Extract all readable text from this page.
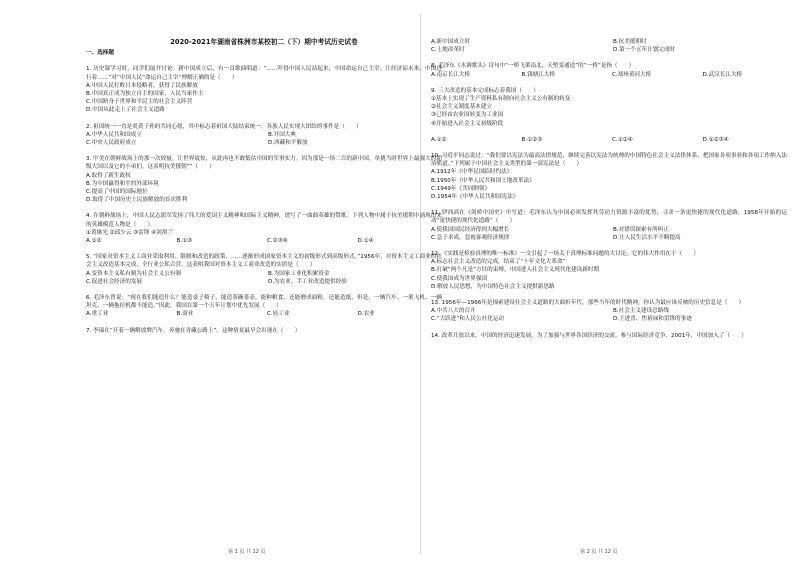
2020-2021年湖南省株洲市某校初二（下）期中考试历史试卷
一、选择题
1. 历史课学习时，同学们展开讨论。新中国成立后，有一首歌曲唱道：“……吓得中国人民站起来，中国命运自己主宰；让经济谅未来。中国进行着……”对“中国人民”命运自己主宰“理解正确的是（　　）
A.中国人民打败日本侵略者，获得了民族解放
B.中国真正成为独立自主的国家，人民当家作主
C.中国跻身于世界和平民主的社会主义阵营
D.中国从此走上了社会主义道路
2. 祖国统一一直是炎黄子孙的共同心愿，其中标志着祖国大陆结束统一，各族人民实现大团结的事件是（　　）
A.中华人民共和国成立	B.开国大典
C.中央人民政府成立	D.西藏和平解放
3. 中美在朝鲜战场上的那一次较量，让世界震惊，从此再也不敢低估中国的军事实力。因为那是一场二百的新中国，单挑当时世界上最强大的超级大国以及它的小弟们。这表明抗美援朝“”（　　）
A.取得了新生政权
B.为中国赢得和平的外部环境
C.提高了中国的国际地位
D.取得了中国历史上民族解放的首次胜利
4. 在朝鲜战场上，中国人民志愿军发扬了伟大的爱国主义精神和国际主义精神，谱写了一曲曲英雄的赞歌。下列人物中属于抗美援朝中涌现出来的英雄模范人物是（　　）
①黄继光 ②邱少云 ③雷锋 ④刘胡兰
A.①②	B.①③	C.②③④	D.①④
5. “国家对资本主义工商业采取利用、限制和改造的政策，……逐渐形成国家资本主义的初级形式到高级形式。”1956年，对资本主义工商业的社会主义改造基本完成，全行业公私合营，这表明我国对资本主义工商业改造的实质是（　　）
A.变资本主义私有制为社会主义公有制	B.为国家工业化积累资金
C.促进社会经济的发展	D.为农业、手工业改造提供经验
6. 毛泽东曾说：“现在我们能造什么？能造桌子椅子，能造茶碗茶壶，能种粮食，还能磨成面粉，还能造纸，但是，一辆汽车、一架飞机、一辆坦克、一辆拖拉机都不能造。”因此，我国在第一个五年计划中优先发展（　　）
A.重工业	B.商业	C.轻工业	D.农业
7. 李瑞在“开着一辆解放牌汽车，奔驰在青藏公路上”。这种情景最早会出现在（　　）
A.新中国成立时	B.抗美援朝时
C.土地改革时	D.第一个五年计划完成时
8. 毛泽东《水调歌头》诗句中“一桥飞架南北，天堑变通途”的“一桥”是指（　　）
A.南京长江大桥	B.钱塘江大桥	C.郑州黄河大桥	D.武汉长江大桥
9. 三大改造的基本完成标志着我国（　　）
①基本上实现了生产资料私有制向社会主义公有制的转变
②社会主义制度基本建立
③已经由农业国转变为工业国
④开始进入社会主义初级阶段
A.①②	B.①②③	C.①②④	D.①②③④
10. 习近平同志说过：“我们要以宪法为最高法律规范，继续完善以宪法为统帅的中国特色社会主义法律体系，把国家各项事业和各项工作纳入法治轨道。”下列属于中国社会主义类型的第一部宪法是（　　）
A.1912年《中华民国临时约法》
B.1950年《中华人民共和国土地改革法》
C.1949年《共同纲领》
D.1954年《中华人民共和国宪法》
11. 伊西高在《剑桥中国史》中写道：毛泽东认为中国必须发挥其劳动力资源丰富的优势，寻求一条更快捷的现代化道路，1958年开始的运动“更快捷的现代化道路”（　　）
A.使我国国民经济得到大幅增长	B.对错误探索有所纠正
C.急于求成，忽视客观经济规律	D.让人民生活水平不断提高
12. 《实践是检验真理的唯一标准》一文引起了一场关于真理标准问题的大讨论，它的伟大作用在于（　　）
A.标志社会主义改造的完成，结束了“十年文化大革命”
B.打破“两个凡是”方针的束缚，中国进入社会主义现代化建设新时期
C.使我国成为世界强国
D.解放人民思想，为中国特色社会主义提供新思路
13. 1956年—1966年是探索建设社会主义道路的大曲折年代，那些当年的时代精神，你认为最应该反映的历史信息是（　　）
A.中共八大的召开	B.社会主义建设总路线
C.“大跃进”和人民公社化运动	D.王进喜、焦裕禄和雷锋的事迹
14. 改革开放以来，中国的经济迅速发展。为了加强与世界各国经济的交流，参与国际经济竞争，2001年，中国加入了（　　）
第 1 页 共 12 页	第 2 页 共 12 页
